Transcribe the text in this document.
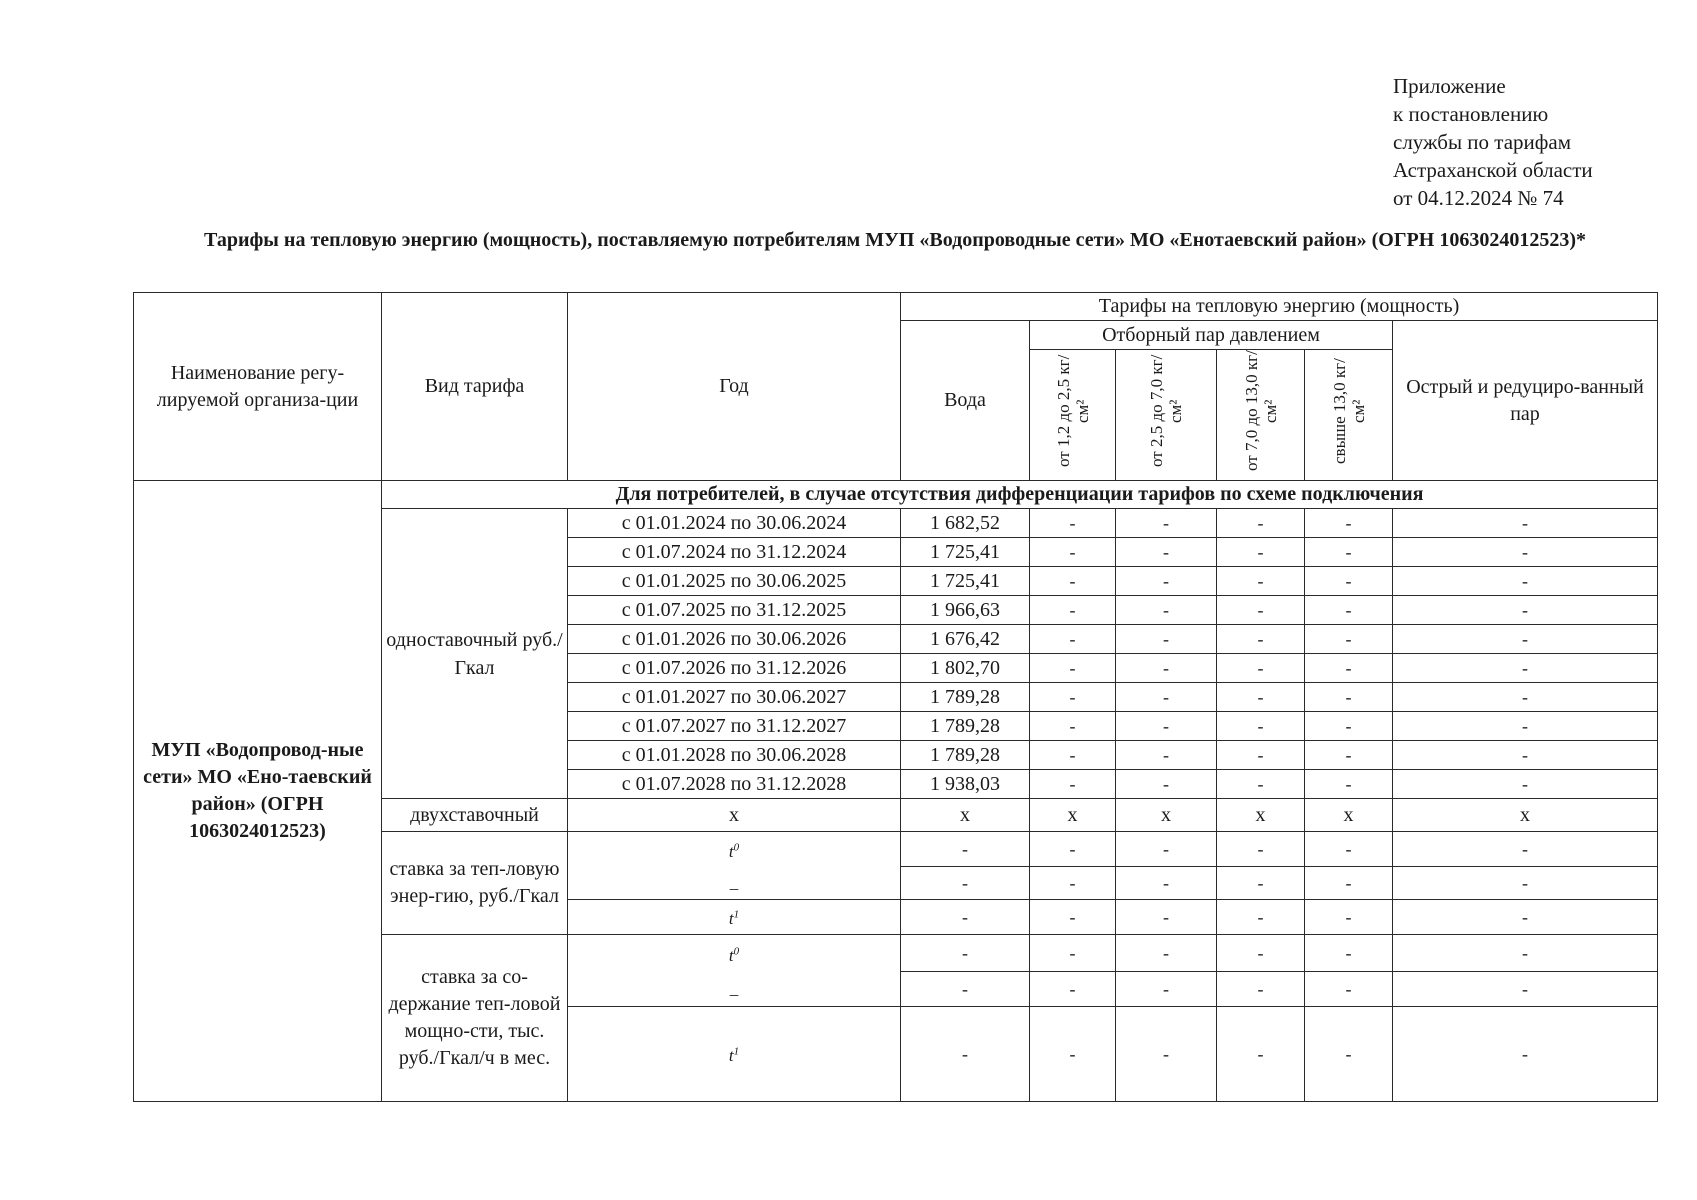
Приложение
к постановлению
службы по тарифам
Астраханской области
от 04.12.2024 № 74
Тарифы на тепловую энергию (мощность), поставляемую потребителям МУП «Водопроводные сети» МО «Енотаевский район» (ОГРН 1063024012523)*
Наименование регу-лируемой организа-ции	Вид тарифа	Год	Тарифы на тепловую энергию (мощность)					
			Вода	Отборный пар давлением				Острый и редуциро-ванный пар
				от 1,2 до 2,5 кг/см²	от 2,5 до 7,0 кг/см²	от 7,0 до 13,0 кг/см²	свыше 13,0 кг/см²	
МУП «Водопровод-ные сети» МО «Ено-таевский район» (ОГРН 1063024012523)	Для потребителей, в случае отсутствия дифференциации тарифов по схеме подключения							
	одноставочный руб./Гкал	с 01.01.2024 по 30.06.2024	1 682,52	-	-	-	-	-
		с 01.07.2024 по 31.12.2024	1 725,41	-	-	-	-	-
		с 01.01.2025 по 30.06.2025	1 725,41	-	-	-	-	-
		с 01.07.2025 по 31.12.2025	1 966,63	-	-	-	-	-
		с 01.01.2026 по 30.06.2026	1 676,42	-	-	-	-	-
		с 01.07.2026 по 31.12.2026	1 802,70	-	-	-	-	-
		с 01.01.2027 по 30.06.2027	1 789,28	-	-	-	-	-
		с 01.07.2027 по 31.12.2027	1 789,28	-	-	-	-	-
		с 01.01.2028 по 30.06.2028	1 789,28	-	-	-	-	-
		с 01.07.2028 по 31.12.2028	1 938,03	-	-	-	-	-
	двухставочный	х	х	х	х	х	х	х
	ставка за теп-ловую энер-гию, руб./Гкал	$t^0$	-	-	-	-	-	-
		_	-	-	-	-	-	-
		$t^1$	-	-	-	-	-	-
	ставка за со-держание теп-ловой мощно-сти, тыс. руб./Гкал/ч в мес.	$t^0$	-	-	-	-	-	-
		_	-	-	-	-	-	-
		$t^1$	-	-	-	-	-	-
